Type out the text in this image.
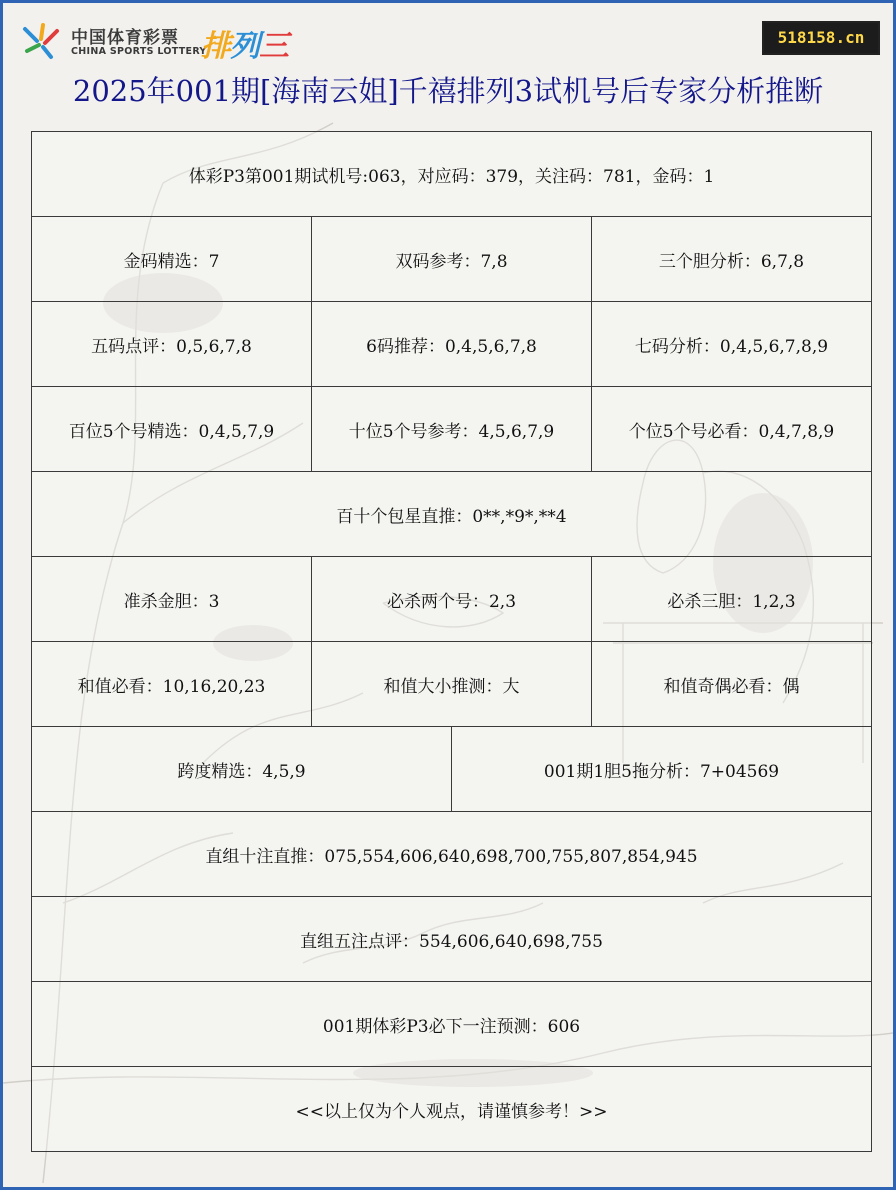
中国体育彩票
CHINA SPORTS LOTTERY
排列三	518158.cn
2025年001期[海南云姐]千禧排列3试机号后专家分析推断
体彩P3第001期试机号:063，对应码：379，关注码：781，金码：1
金码精选：7	双码参考：7,8	三个胆分析：6,7,8
五码点评：0,5,6,7,8	6码推荐：0,4,5,6,7,8	七码分析：0,4,5,6,7,8,9
百位5个号精选：0,4,5,7,9	十位5个号参考：4,5,6,7,9	个位5个号必看：0,4,7,8,9
百十个包星直推：0**,*9*,**4
准杀金胆：3	必杀两个号：2,3	必杀三胆：1,2,3
和值必看：10,16,20,23	和值大小推测：大	和值奇偶必看：偶
跨度精选：4,5,9	001期1胆5拖分析：7+04569
直组十注直推：075,554,606,640,698,700,755,807,854,945
直组五注点评：554,606,640,698,755
001期体彩P3必下一注预测：606
<<以上仅为个人观点，请谨慎参考！>>
